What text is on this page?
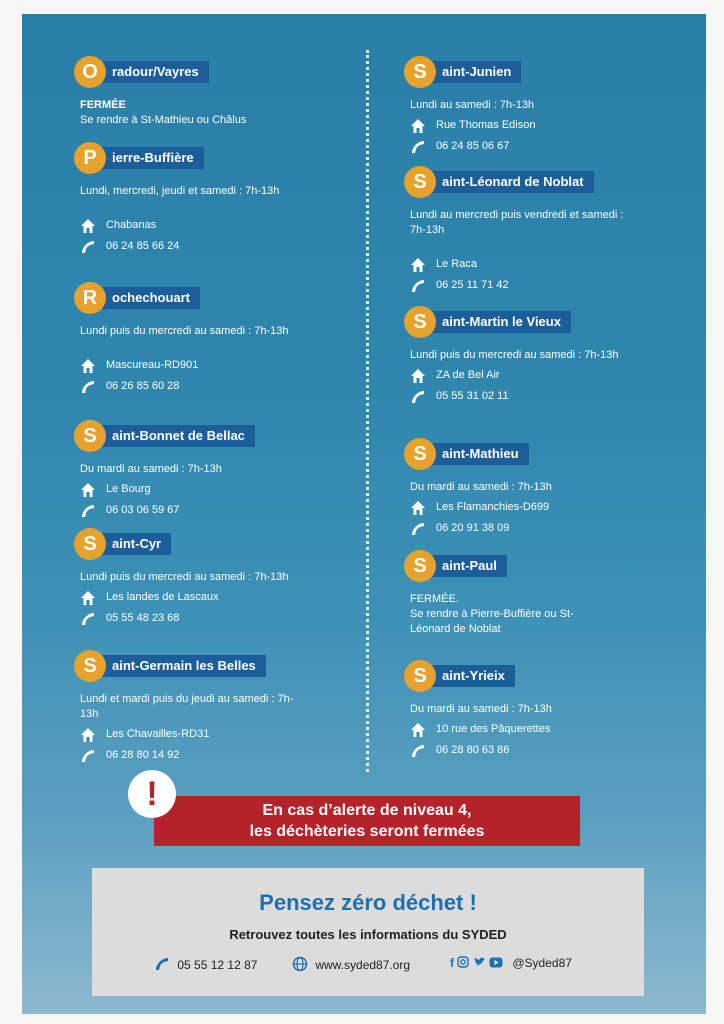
O	radour/Vayres
FERMÉE
Se rendre à St-Mathieu ou Châlus
P	ierre-Buffière
Lundi, mercredi, jeudi et samedi : 7h-13h
Chabanas
06 24 85 66 24
R	ochechouart
Lundi puis du mercredi au samedi : 7h-13h
Mascureau-RD901
06 26 85 60 28
S	aint-Bonnet de Bellac
Du mardi au samedi : 7h-13h
Le Bourg
06 03 06 59 67
S	aint-Cyr
Lundi puis du mercredi au samedi : 7h-13h
Les landes de Lascaux
05 55 48 23 68
S	aint-Germain les Belles
Lundi et mardi puis du jeudi au samedi : 7h-13h
Les Chavailles-RD31
06 28 80 14 92
S	aint-Junien
Lundi au samedi : 7h-13h
Rue Thomas Edison
06 24 85 06 67
S	aint-Léonard de Noblat
Lundi au mercredi puis vendredi et samedi : 7h-13h
Le Raca
06 25 11 71 42
S	aint-Martin le Vieux
Lundi puis du mercredi au samedi : 7h-13h
ZA de Bel Air
05 55 31 02 11
S	aint-Mathieu
Du mardi au samedi : 7h-13h
Les Flamanchies-D699
06 20 91 38 09
S	aint-Paul
FERMÉE.
Se rendre à Pierre-Buffière ou St-Léonard de Noblat
S	aint-Yrieix
Du mardi au samedi : 7h-13h
10 rue des Pâquerettes
06 28 80 63 86
!	En cas d’alerte de niveau 4,
les déchèteries seront fermées
Pensez zéro déchet !
Retrouvez toutes les informations du SYDED
05 55 12 12 87	www.syded87.org	f	@Syded87
